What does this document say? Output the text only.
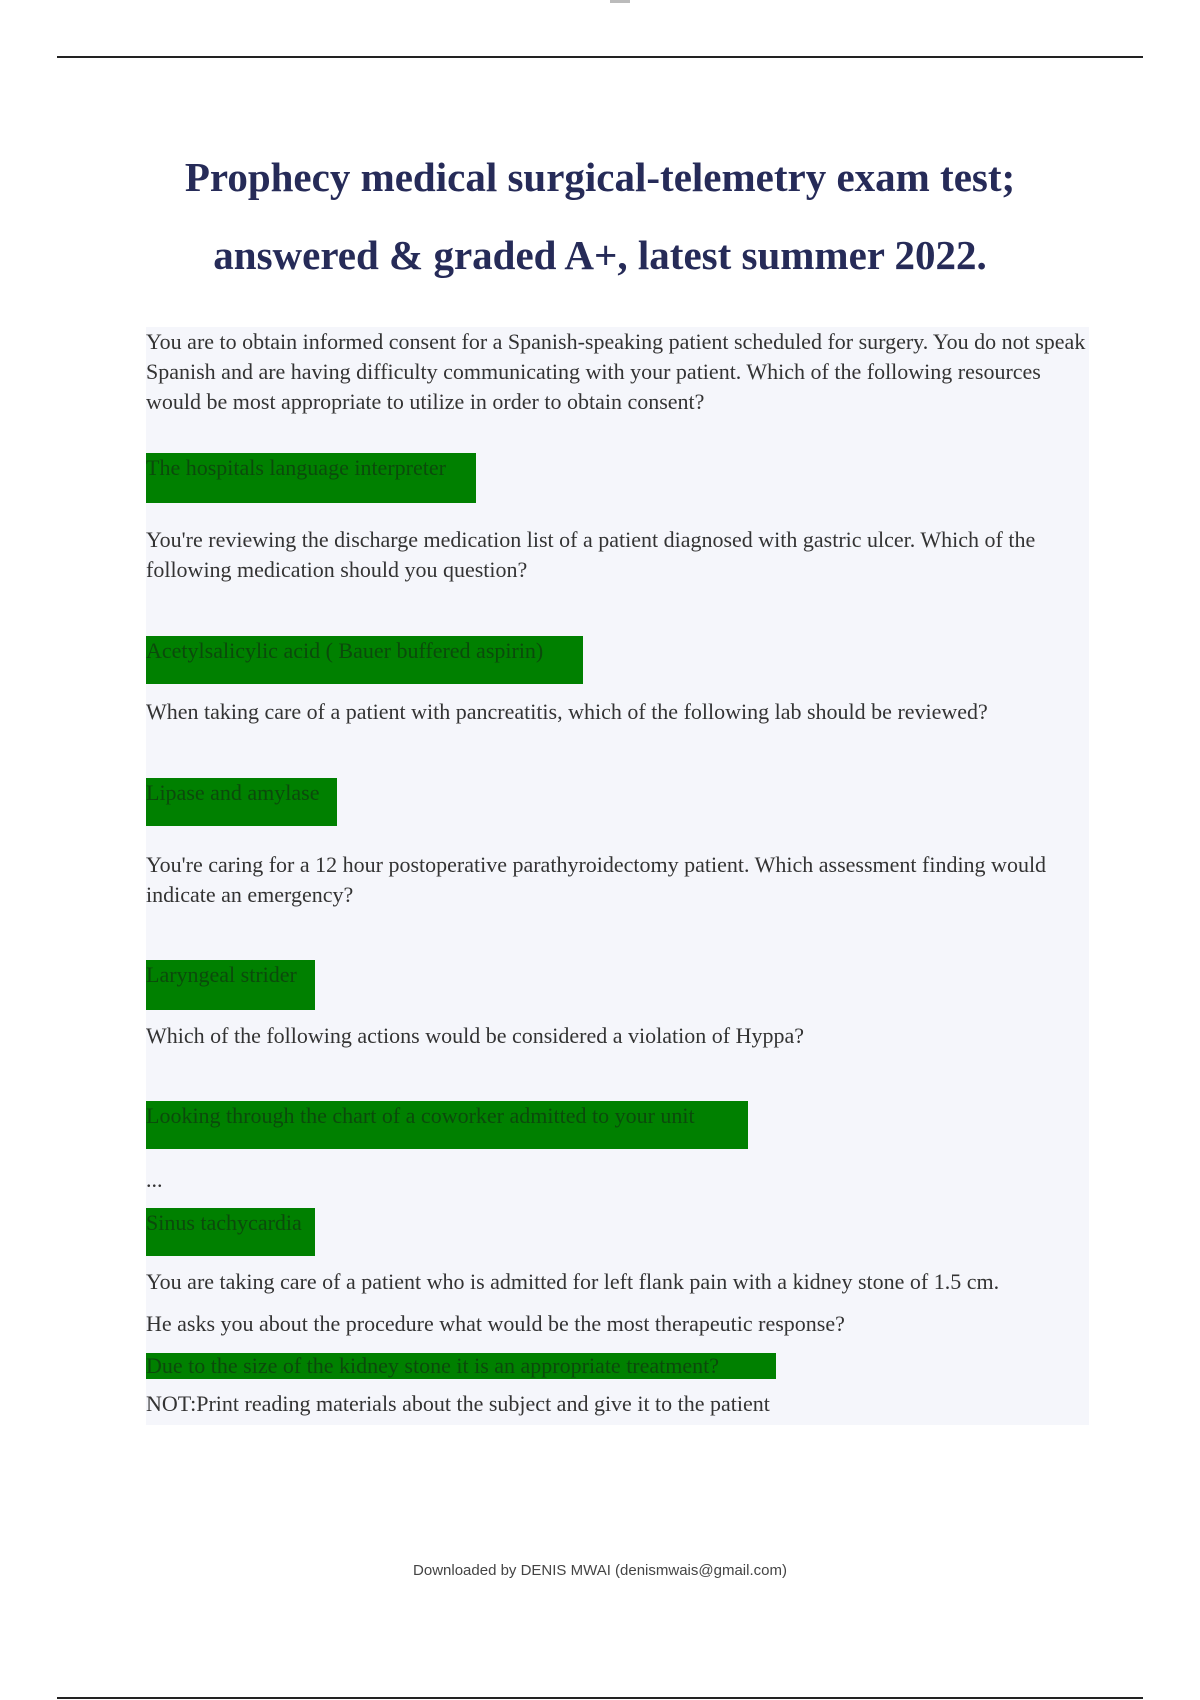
Prophecy medical surgical-telemetry exam test;
answered & graded A+, latest summer 2022.

You are to obtain informed consent for a Spanish-speaking patient scheduled for surgery. You do not speak Spanish and are having difficulty communicating with your patient. Which of the following resources would be most appropriate to utilize in order to obtain consent?

The hospitals language interpreter

You're reviewing the discharge medication list of a patient diagnosed with gastric ulcer. Which of the following medication should you question?

Acetylsalicylic acid ( Bauer buffered aspirin)

When taking care of a patient with pancreatitis, which of the following lab should be reviewed?

Lipase and amylase

You're caring for a 12 hour postoperative parathyroidectomy patient. Which assessment finding would indicate an emergency?

Laryngeal strider

Which of the following actions would be considered a violation of Hyppa?

Looking through the chart of a coworker admitted to your unit

...

Sinus tachycardia

You are taking care of a patient who is admitted for left flank pain with a kidney stone of 1.5 cm.

He asks you about the procedure what would be the most therapeutic response?

Due to the size of the kidney stone it is an appropriate treatment?

NOT:Print reading materials about the subject and give it to the patient

Downloaded by DENIS MWAI (denismwais@gmail.com)
